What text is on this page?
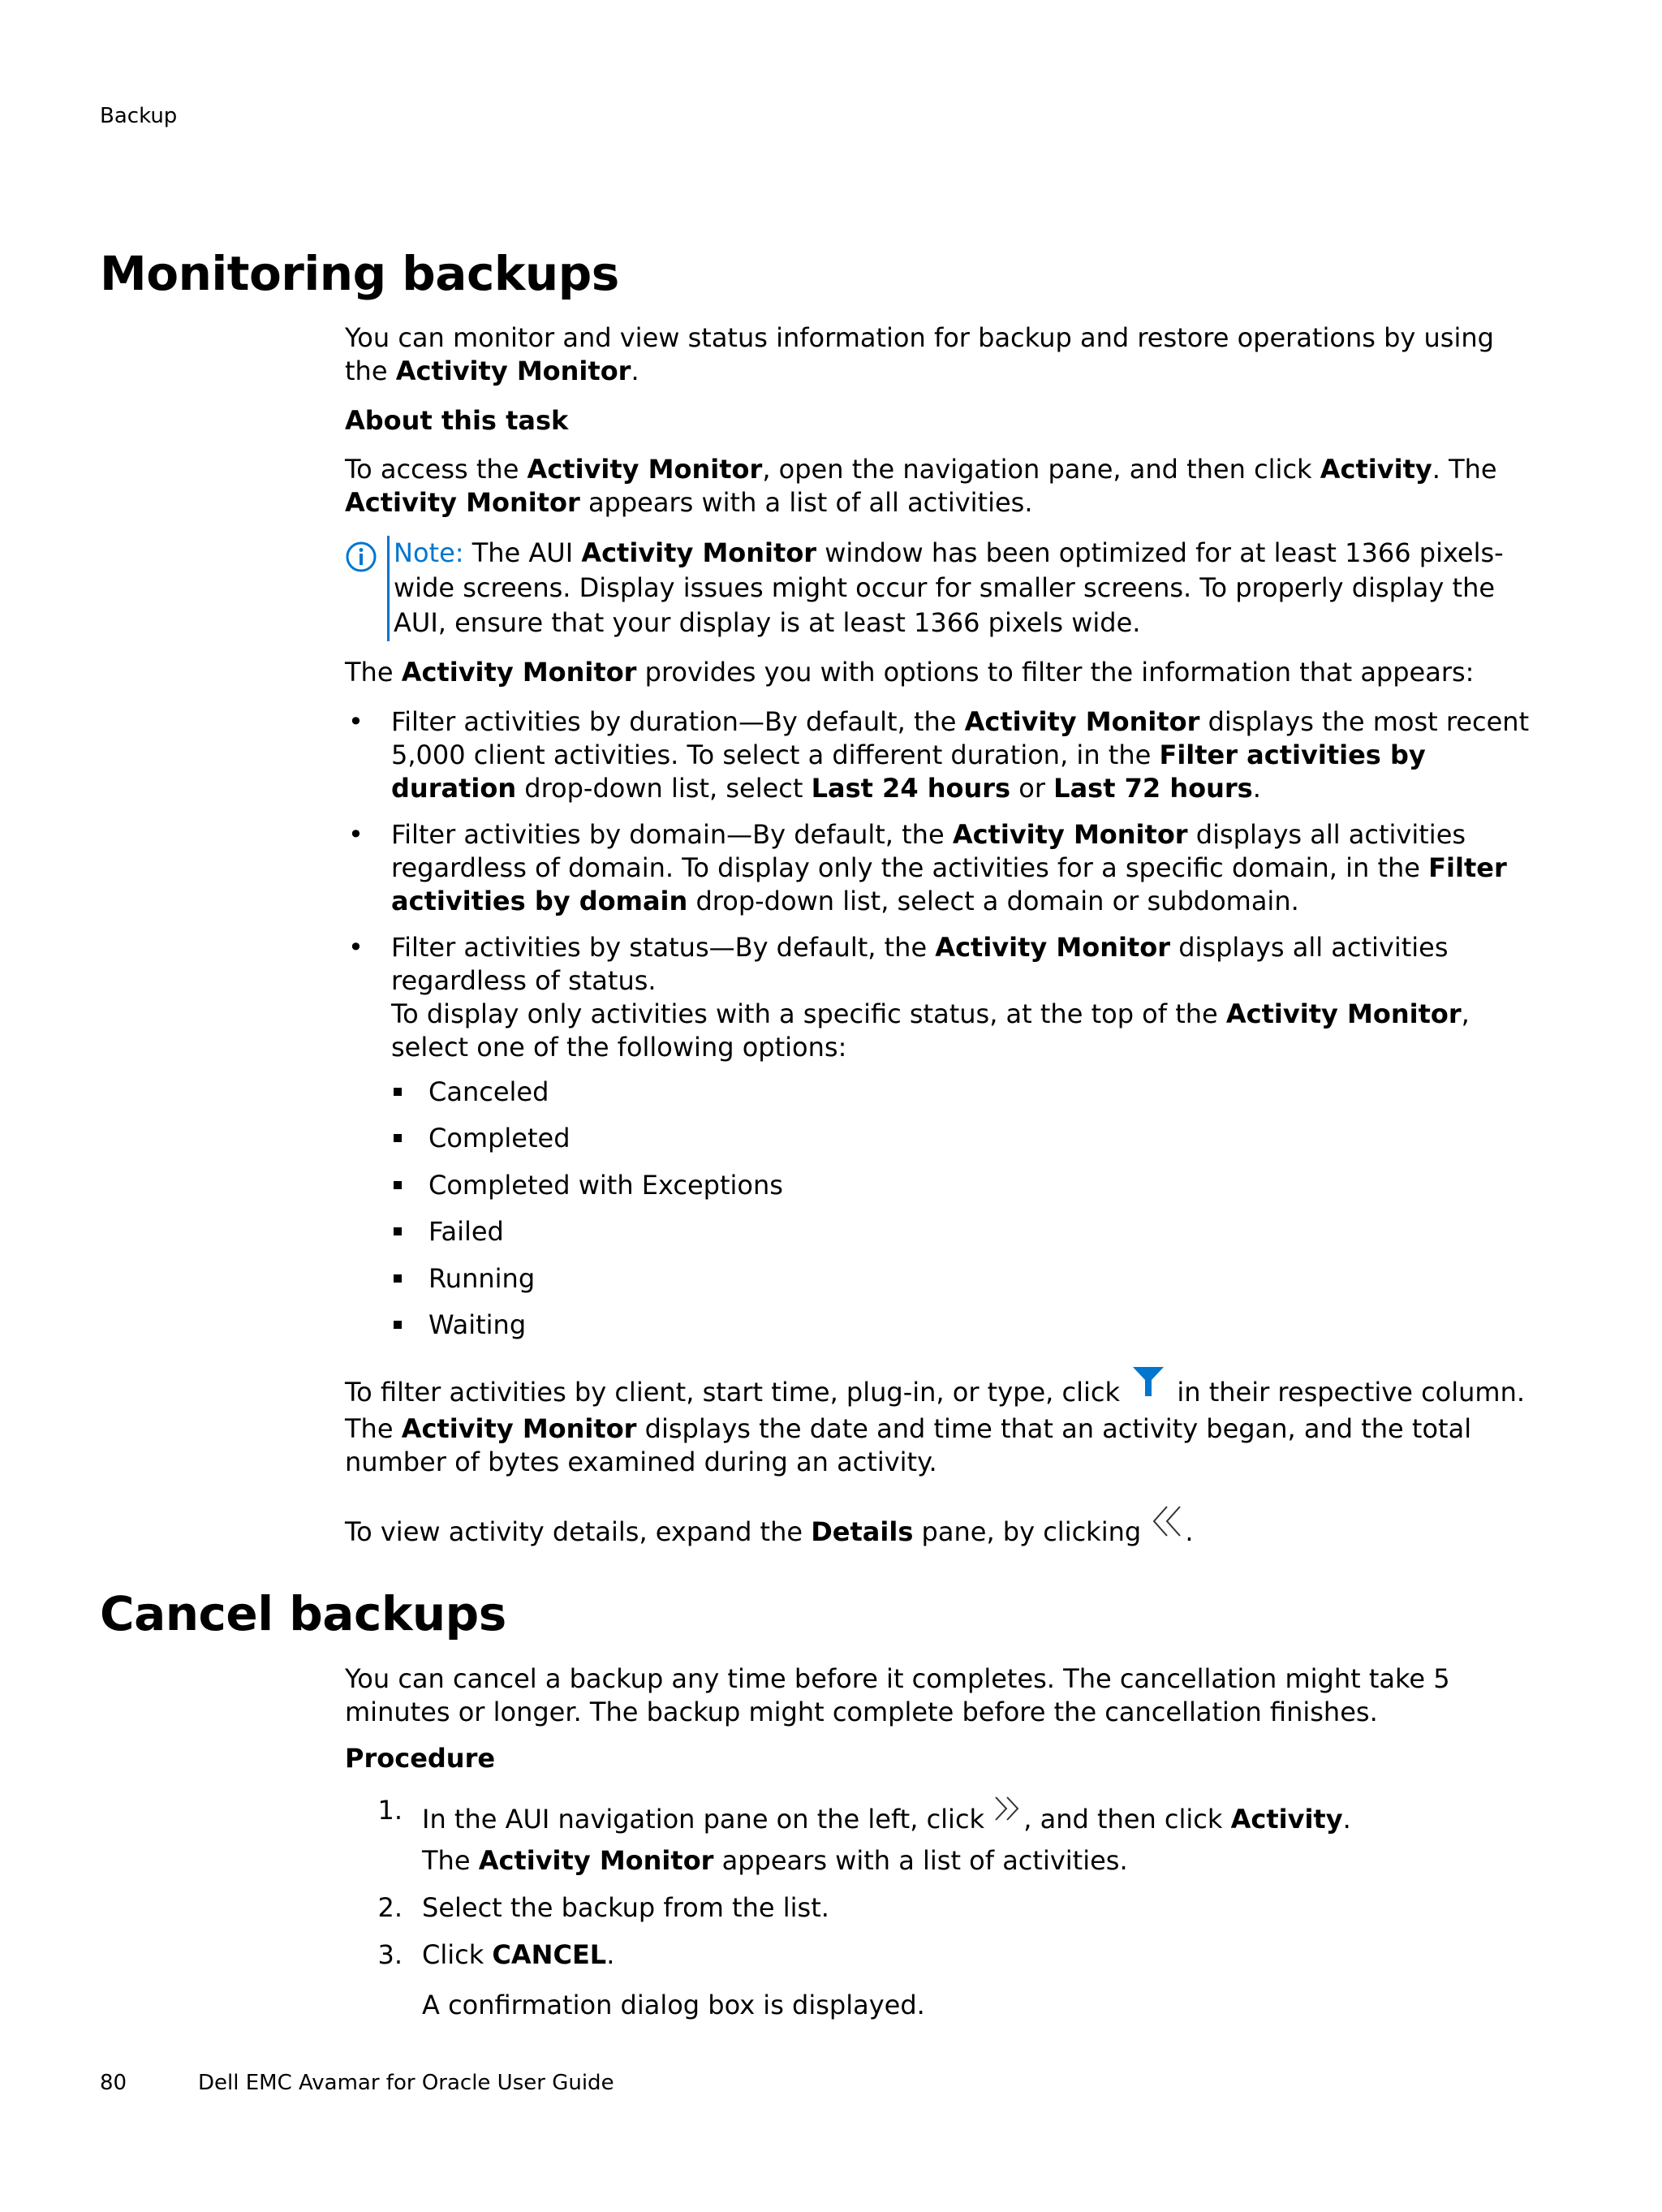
Backup
Monitoring backups

You can monitor and view status information for backup and restore operations by using the Activity Monitor.

About this task

To access the Activity Monitor, open the navigation pane, and then click Activity. The Activity Monitor appears with a list of all activities.

Note: The AUI Activity Monitor window has been optimized for at least 1366 pixels-wide screens. Display issues might occur for smaller screens. To properly display the AUI, ensure that your display is at least 1366 pixels wide.

The Activity Monitor provides you with options to filter the information that appears:

• Filter activities by duration—By default, the Activity Monitor displays the most recent 5,000 client activities. To select a different duration, in the Filter activities by duration drop-down list, select Last 24 hours or Last 72 hours.
• Filter activities by domain—By default, the Activity Monitor displays all activities regardless of domain. To display only the activities for a specific domain, in the Filter activities by domain drop-down list, select a domain or subdomain.
• Filter activities by status—By default, the Activity Monitor displays all activities regardless of status.
To display only activities with a specific status, at the top of the Activity Monitor, select one of the following options:
Canceled
Completed
Completed with Exceptions
Failed
Running
Waiting

To filter activities by client, start time, plug-in, or type, click  in their respective column.

The Activity Monitor displays the date and time that an activity began, and the total number of bytes examined during an activity.

To view activity details, expand the Details pane, by clicking .

Cancel backups
You can cancel a backup any time before it completes. The cancellation might take 5 minutes or longer. The backup might complete before the cancellation finishes.
Procedure
1. In the AUI navigation pane on the left, click , and then click Activity.
The Activity Monitor appears with a list of activities.
2. Select the backup from the list.
3. Click CANCEL.
A confirmation dialog box is displayed.
80	Dell EMC Avamar for Oracle User Guide
